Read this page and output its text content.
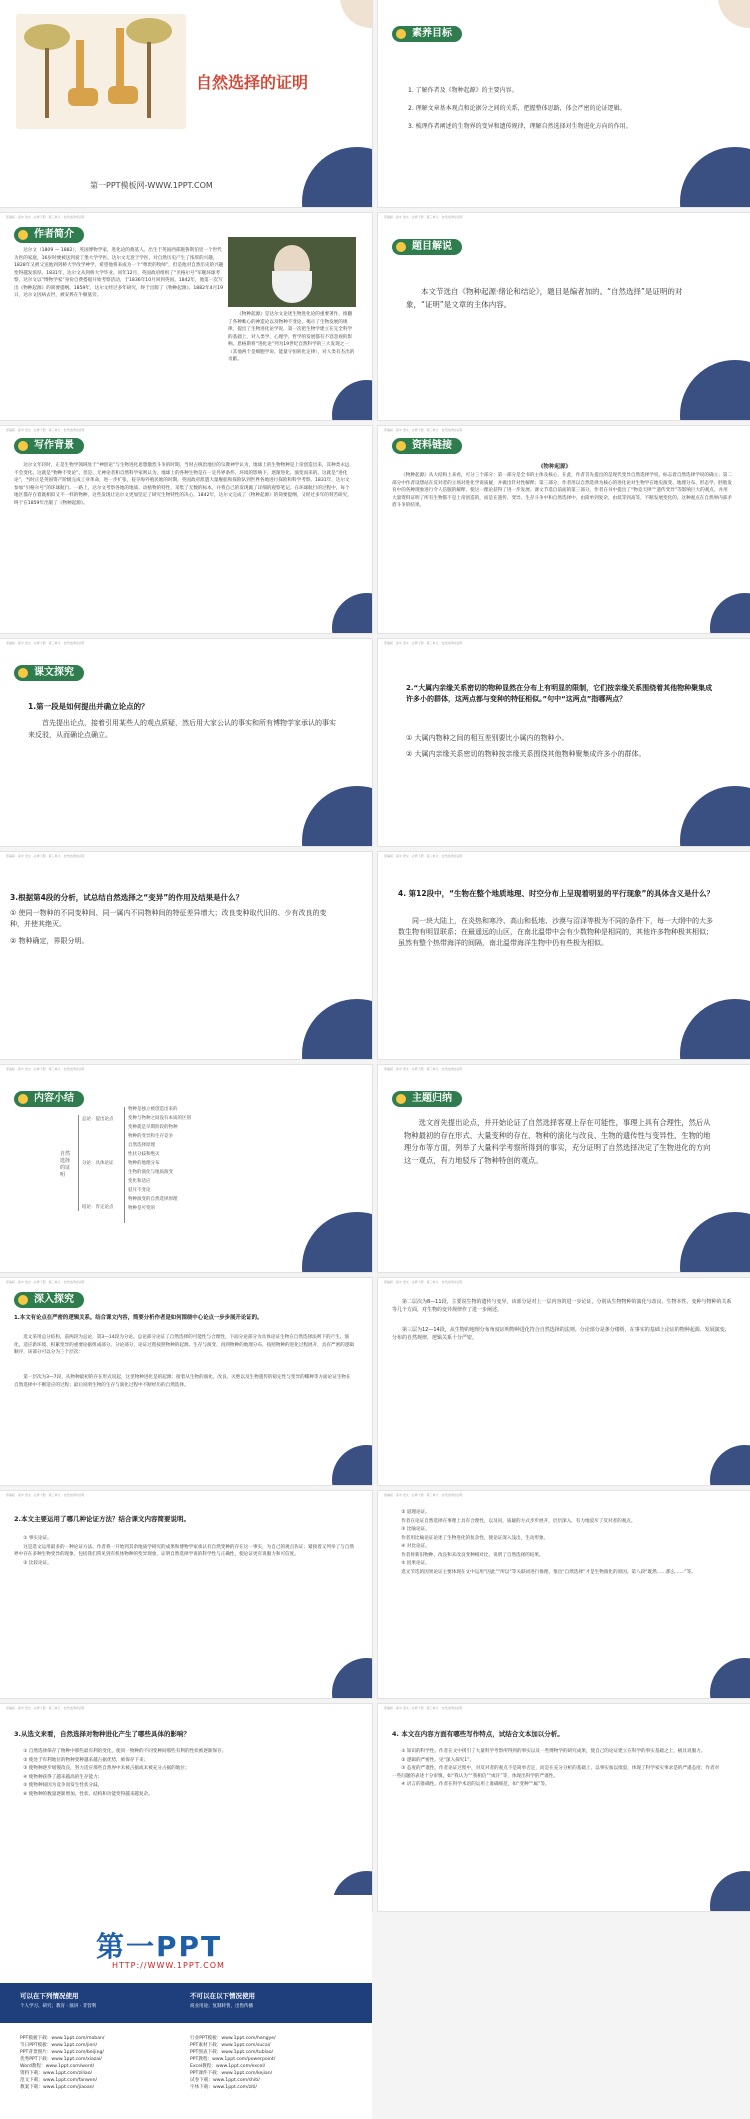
自然选择的证明
第一PPT模板网-WWW.1PPT.COM
素养目标
1. 了解作者及《物种起源》的主要内容。
2. 理解文章基本观点和论据分之间的关系，把握整体思路，体会严密的论证逻辑。
3. 梳理作者阐述的生物界的变异和遗传规律，理解自然选择对生物进化方向的作用。
部编版 · 高中 语文 · 必修下册 · 第三单元 · 自然选择的证明
作者简介

达尔文（1809 — 1882），英国博物学家，进化论的奠基人。出生于英国西部施鲁斯伯里一个世代为医的家庭，16岁时便被送到爱丁堡大学学医。达尔文无意于学医，对自然历史产生了浓厚的兴趣。1828年又被父送他到剑桥大学改学神学，希望他将来成为一个“尊贵的牧师”，但是他对自然历史的兴趣变得越发浓厚。1831年，达尔文从剑桥大学毕业。同年12月，英国政府组织了“贝格尔号”军舰环球考察，达尔文以“博物学家”身份自费搭船开始考察活动，于1836年10月回到英国。1842年，他第一次写出《物种起源》的简要提纲。1859年，达尔文经过多年研究，终于出版了《物种起源》。1882年4月19日，达尔文因病去世，被安葬在牛顿墓旁。

《物种起源》是达尔文论述生物进化论的重要著作，推翻了各种唯心的神造论以及物种不变论，揭示了生物发展的规律，提出了生物进化论学说，第一次把生物学建立在完全科学的基础上，对人类学、心理学、哲学的发展都有不容忽视的影响。恩格斯将“进化论”列为19世纪自然科学的三大发现之一（其他两个是细胞学说、能量守恒转化定律），对人类有杰出的贡献。

部编版 · 高中 语文 · 必修下册 · 第三单元 · 自然选择的证明
题目解说

本文节选自《物种起源·绪论和结论》，题目是编者加的。“自然选择”是证明的对象，“证明”是文章的主体内容。

部编版 · 高中 语文 · 必修下册 · 第三单元 · 自然选择的证明
写作背景

达尔文年轻时，正是生物学领域处于“神创论”与生物进化思想激烈斗争的时期。当时占统治地位的宗教神学认为，地球上的生物物种是上帝创造出来，其种类永远不会变化。这就是“物种不变论”。但是，无神论者和自然科学家则认为，地球上的各种生物是在一定外界条件、环境的影响下，逐渐进化、演变而来的。这就是“进化论”，当时正是英国资产阶级完成工业革命，进一步扩张，侵夺海外殖民地的时期，英国政府派遣大量舰船和探险队到世界各地进行探险和科学考察。1831年，达尔文参加“贝格尔号”的环球航行。一路上，达尔文考察各地的地质、动植物的特性，采集了无数的标本，并将自己的发现做了详细的观察笔记。在环球航行的过程中，每个地区都存在着既相似又不一样的物种，这些发现让达尔文更加坚定了研究生物特性的决心。1842年，达尔文完成了《物种起源》的简要提纲，又经过多年的刻苦研究，终于在1859年出版了《物种起源》。

部编版 · 高中 语文 · 必修下册 · 第三单元 · 自然选择的证明
资料链接
《物种起源》

《物种起源》从大结构上来看，可分三个部分：第一部分是全书的主体及核心，在此，作者首先提出的是现代变异自然选择学说，标志着自然选择学说的确立；第二部分中作者设想站在反对者的立场对进化学说质疑，并做出针对性解释；第三部分，作者用以自然选择为核心的进化论对生物学在地史演变、地理分布、形态学、胚胎发育中的各种现象进行令人信服的解释，使这一理论获得了进一步发展。课文节选自前面的第三部分。作者在书中提出了“物竞天择”“遗传变异”等影响巨大的观点，并用大量资料证明了所有生物都不是上帝创造的，而是在遗传、变异、生存斗争中和自然选择中，由简单到复杂，由低等到高等，不断发展变化的。这种观点在自然界内部矛盾斗争的结果。

部编版 · 高中 语文 · 必修下册 · 第三单元 · 自然选择的证明
课文探究
1.第一段是如何提出并确立论点的？

首先提出论点，接着引用某些人的观点质疑，然后用大家公认的事实和所有博物学家承认的事实来反驳，从而确论点确立。

部编版 · 高中 语文 · 必修下册 · 第三单元 · 自然选择的证明
2.“大属内亲缘关系密切的物种显然在分布上有明显的限制，它们按亲缘关系围绕着其他物种聚集成许多小的群体，这两点都与变种的特征相似。”句中“这两点”指哪两点？
① 大属内物种之间的相互差别要比小属内的物种小。
② 大属内亲缘关系密切的物种按亲缘关系围绕其他物种聚集成许多小的群体。
部编版 · 高中 语文 · 必修下册 · 第三单元 · 自然选择的证明
3.根据第4段的分析，试总结自然选择之“变异”的作用及结果是什么？
① 使同一物种的不同变种间、同一属内不同物种间的特征差异增大；改良变种取代旧的、少有改良的变种，并使其绝灭。
② 物种确定，界限分明。
部编版 · 高中 语文 · 必修下册 · 第三单元 · 自然选择的证明
4. 第12段中，“生物在整个地质地理、时空分布上呈现着明显的平行现象”的具体含义是什么？

同一块大陆上，在炎热和寒冷、高山和低地、沙漠与沼泽等极为不同的条件下，每一大纲中的大多数生物有明显联系；在最遥远的山区，在南北温带中会有少数物种是相同的，其他许多物种极其相似；虽然有整个热带海洋的间隔，南北温带海洋生物中仍有些极为相似。

部编版 · 高中 语文 · 必修下册 · 第三单元 · 自然选择的证明
内容小结
自然选择的证明
总论：提出论点
分论：具体论证
结论：肯定论点
物种是独立被创造出来的
变种与物种之间没有本质的区别
变种就是早期阶段的物种
物种的变异和生存竞争
自然选择原理
性状分歧和绝灭
物种的地理分布
生物的演化与地质演变
变化和适应
驳斥不变论
物种演变的自然选择原理
物种是可变的
部编版 · 高中 语文 · 必修下册 · 第三单元 · 自然选择的证明
主题归纳

选文首先提出论点，并开始论证了自然选择客观上存在可能性，事理上具有合理性，然后从物种最初的存在形式、大量变种的存在、物种的演化与改良、生物的遗传性与变异性、生物的地理分布等方面，列举了大量科学考察所得到的事实，充分证明了自然选择决定了生物进化的方向这一观点，有力地驳斥了物种特创的观点。

部编版 · 高中 语文 · 必修下册 · 第三单元 · 自然选择的证明
深入探究
1.本文有论点在严密的逻辑关系。结合课文内容，简要分析作者是如何围绕中心论点一步步展开论证的。

选文采用总分结构，前两段为总论，第3—14段为分论。总论部分论证了自然选择的可能性与合理性，下面分论部分为具体论证生物在自然选择法则下的产生、演化、适应新环境、积累变异的重要论据组成部分。分论部分，论证过程按照物种的起源、生存与演变、再到物种的地理分布，按照物种的进化过程展开，具有严密的逻辑顺序，该部分可以分为三个层次：

第一层次为3—7段，从物种最初的存在形式说起，这里物种进化是的起源；接着从生物的演化、改良、灭绝以及生物遗传的稳定性与变异的哪种等方面论证生物在自然选择中不断适应的过程；最后说明生物的生存与演化过程中不断经历的自然选择。

部编版 · 高中 语文 · 必修下册 · 第三单元 · 自然选择的证明

第二层次为8—11段，主要说生物的遗传与变异。该部分是对上一层内容的进一步论证，分别从生物物种的演化与改良、生物本性、变种与物种的关系等几个方面，对生物的变异规律作了进一步阐述。

第三层为12—14段，从生物的地理分布角度证明物种进化符合自然选择的法则。分论部分是条分缕析，在事实的基础上论证的物种起源、发展演变、分布的自然规律，逻辑关系十分严密。

部编版 · 高中 语文 · 必修下册 · 第三单元 · 自然选择的证明
2.本文主要运用了哪几种论证方法？结合课文内容简要说明。

① 事实论证。

这是选文运用最多的一种论证方法。作者将一开始到其余地质学研究的成果和博物学家承认有自然变种的存在这一事实，为自己的观点佐证；紧接着又列举了与自然界中存在多种生物变异的现象，包括我们常见到有机体物种的变异现象，证明自然选择学说的科学性与正确性，使论证更有说服力和可信度。

② 比较论证。

部编版 · 高中 语文 · 必修下册 · 第三单元 · 自然选择的证明

② 道理论证。

作者在论证自然选择在事理上具有合理性，以及问，质疑的方式步步展开，层层深入，有力地驳斥了反对者的观点。

③ 比喻论证。

作者用比喻论证论述了生物进化的复杂性，使论证深入浅出，生动形象。

④ 对比论证。

作者将新旧物种、改良和未改良变种相对比，说明了自然选择的结果。

⑤ 因果论证。

选文节选的因果论证主要体现在文中运用“因此”“所以”等关联词进行推理，推出“自然选择”才是生物演化的原因。第八段“既然……那么……”等。

部编版 · 高中 语文 · 必修下册 · 第三单元 · 自然选择的证明
3.从选文来看，自然选择对物种进化产生了哪些具体的影响？

① 自然选择保存了物种中那些最有利的变化，使同一物种的不同变种间那些有利的性状被逐渐保存。

② 使处于有利地位的物种变种越来越占据优势，被保存下来；

③ 使物种逐步缓慢改良，努力适应那些自然界中未被占据或未被充分占据的地位；

④ 使物种获得了越来越高的生存能力；

⑤ 使物种间因为竞争而发生性状分歧。

⑥ 使物种的数量逐渐增加，性状、结构和功能变得越来越复杂。

部编版 · 高中 语文 · 必修下册 · 第三单元 · 自然选择的证明
4. 本文在内容方面有哪些写作特点，试结合文本加以分析。

① 知识的科学性。作者在文中援引了大量科学考察所得到的事实以及一些博物学的研究成果，使自己的论证建立在科学的事实基础之上，极具说服力。

② 逻辑的严密性。见“深入探究1”。

③ 态度的严谨性。作者论证过程中，对反对者的观点不是简单否定，而是在充分分析的基础上，以事实加以批驳，体现了科学家实事求是的严谨态度；作者对一些问题的表述十分审慎，如“我认为”“我相信”“或许”等，体现出科学的严谨性。

④ 语言的准确性。作者在科学术语的运用上准确规范，如“变种”“属”等。

第一PPT
HTTP://WWW.1PPT.COM
可以在下列情况使用
个人学习、研究；教育 · 演讲 · 非营利
不可以在以下情况使用
商业用途；复制转售，出售传播
PPT模板下载：www.1ppt.com/moban/
节日PPT模板：www.1ppt.com/jieri/
PPT背景图片：www.1ppt.com/beijing/
优秀PPT下载：www.1ppt.com/xiazai/
Word教程：www.1ppt.com/word/
资料下载：www.1ppt.com/ziliao/
范文下载：www.1ppt.com/fanwen/
教案下载：www.1ppt.com/jiaoan/
行业PPT模板：www.1ppt.com/hangye/
PPT素材下载：www.1ppt.com/sucai/
PPT图表下载：www.1ppt.com/tubiao/
PPT教程：www.1ppt.com/powerpoint/
Excel教程：www.1ppt.com/excel/
PPT课件下载：www.1ppt.com/kejian/
试卷下载：www.1ppt.com/shiti/
字体下载：www.1ppt.com/ziti/
